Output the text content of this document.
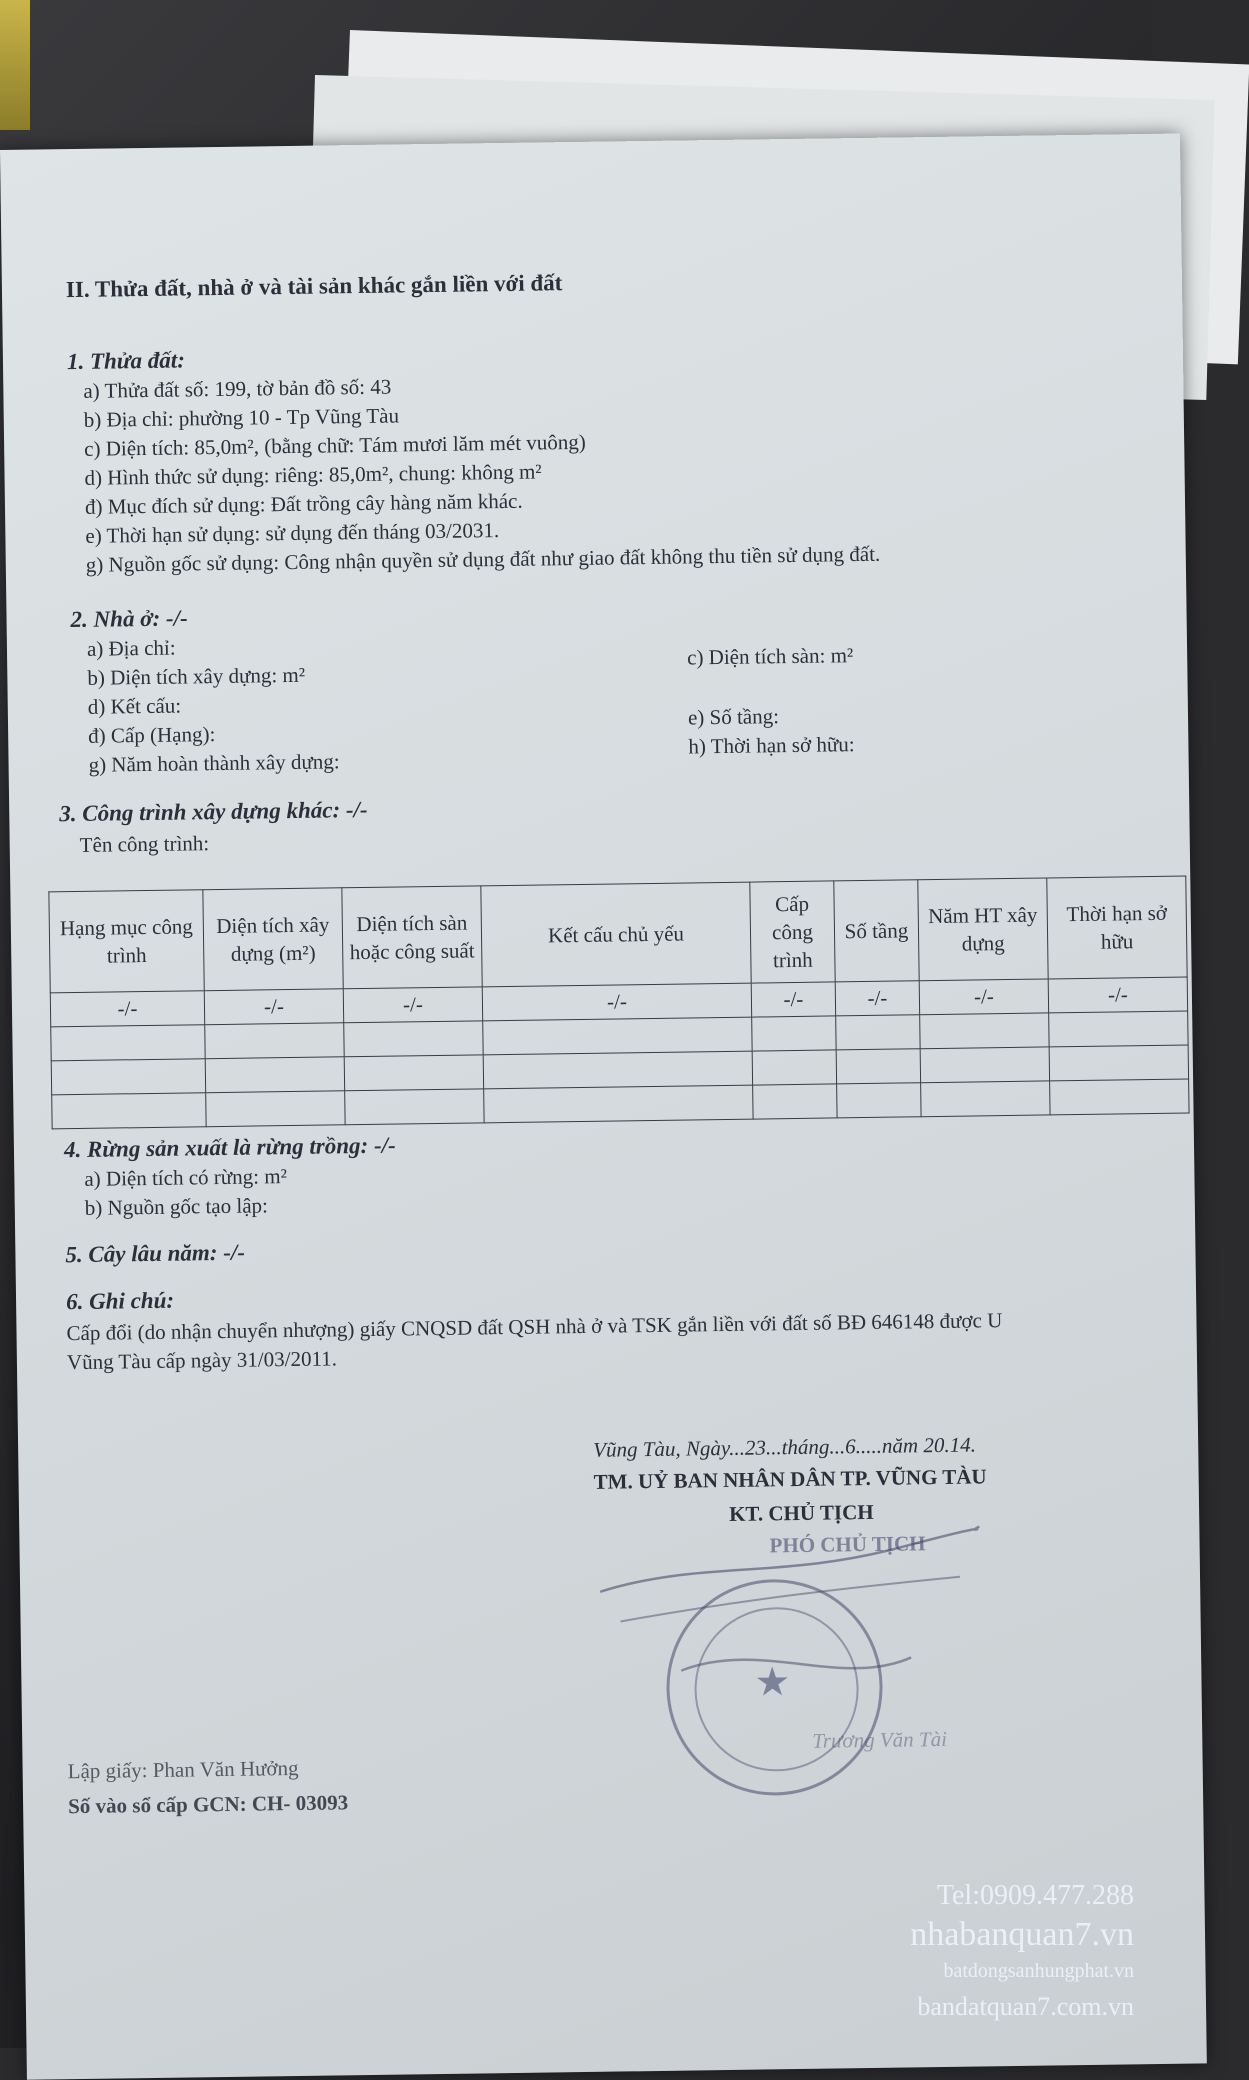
II. Thửa đất, nhà ở và tài sản khác gắn liền với đất
1. Thửa đất:
a) Thửa đất số: 199, tờ bản đồ số: 43
b) Địa chỉ: phường 10 - Tp Vũng Tàu
c) Diện tích: 85,0m², (bằng chữ: Tám mươi lăm mét vuông)
d) Hình thức sử dụng: riêng: 85,0m², chung: không m²
đ) Mục đích sử dụng: Đất trồng cây hàng năm khác.
e) Thời hạn sử dụng: sử dụng đến tháng 03/2031.
g) Nguồn gốc sử dụng: Công nhận quyền sử dụng đất như giao đất không thu tiền sử dụng đất.
2. Nhà ở: -/-
a) Địa chỉ:
b) Diện tích xây dựng: m²
c) Diện tích sàn: m²
d) Kết cấu:
đ) Cấp (Hạng):
e) Số tầng:
g) Năm hoàn thành xây dựng:
h) Thời hạn sở hữu:
3. Công trình xây dựng khác: -/-
Tên công trình:
Hạng mục công trình	Diện tích xây dựng (m²)	Diện tích sàn hoặc công suất	Kết cấu chủ yếu	Cấp công trình	Số tầng	Năm HT xây dựng	Thời hạn sở hữu
-/-	-/-	-/-	-/-	-/-	-/-	-/-	-/-

4. Rừng sản xuất là rừng trồng: -/-
a) Diện tích có rừng: m²
b) Nguồn gốc tạo lập:
5. Cây lâu năm: -/-
6. Ghi chú:
Cấp đổi (do nhận chuyển nhượng) giấy CNQSD đất QSH nhà ở và TSK gắn liền với đất số BĐ 646148 được U
Vũng Tàu cấp ngày 31/03/2011.
Vũng Tàu, Ngày...23...tháng...6.....năm 20.14.
TM. UỶ BAN NHÂN DÂN TP. VŨNG TÀU
KT. CHỦ TỊCH
PHÓ CHỦ TỊCH
★
Trương Văn Tài
Lập giấy: Phan Văn Hưởng
Số vào sổ cấp GCN: CH- 03093
Tel:0909.477.288
nhabanquan7.vn
batdongsanhungphat.vn
bandatquan7.com.vn
